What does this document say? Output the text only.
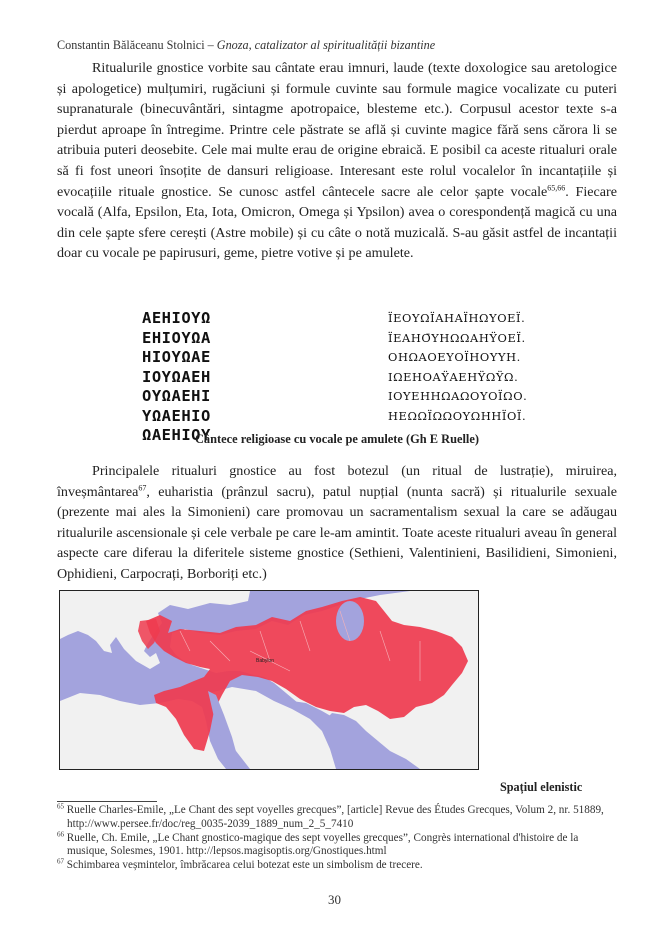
Constantin Bălăceanu Stolnici – Gnoza, catalizator al spiritualității bizantine
Ritualurile gnostice vorbite sau cântate erau imnuri, laude (texte doxologice sau aretologice și apologetice) mulțumiri, rugăciuni și formule cuvinte sau formule magice vocalizate cu puteri supranaturale (binecuvântări, sintagme apotropaice, blesteme etc.). Corpusul acestor texte s-a pierdut aproape în întregime. Printre cele păstrate se află și cuvinte magice fără sens cărora li se atribuia puteri deosebite. Cele mai multe erau de origine ebraică. E posibil ca aceste ritualuri orale să fi fost uneori însoțite de dansuri religioase. Interesant este rolul vocalelor în incantațiile și evocațiile rituale gnostice. Se cunosc astfel cântecele sacre ale celor șapte vocale$^{65,66}$. Fiecare vocală (Alfa, Epsilon, Eta, Iota, Omicron, Omega și Ypsilon) avea o corespondență magică cu una din cele șapte sfere cerești (Astre mobile) și cu câte o notă muzicală. S-au găsit astfel de incantații doar cu vocale pe papirusuri, geme, pietre votive și pe amulete.
ΑΕΗΙΟΥΩ
ΕΗΙΟΥΩΑ
ΗΙΟΥΩΑΕ
ΙΟΥΩΑΕΗ
ΟΥΩΑΕΗΙ
ΥΩΑΕΗΙΟ
ΩΑΕΗΙΟΥ
ΪΕΟΥΩΪΑΗΑΪΗΩΥΟΕΪ.
ΪΕΑΗΟ̄ΥΗΩΩΑΗΫΟΕΪ.
ΟΗΩΑΟΕΥΟΪΗΟΥΥΗ.
ΙΩΕΗΟΑΫΑΕΗΫΩΫΩ.
ΙΟΥΕΗΗΩΑΩΟΥΟΪΩΟ.
ΗΕΩΩΪΩΩΟΥΩΗΗΪΟΪ.
Cântece religioase cu vocale pe amulete (Gh E Ruelle)
Principalele ritualuri gnostice au fost botezul (un ritual de lustrație), miruirea, înveșmântarea$^{67}$, euharistia (prânzul sacru), patul nupțial (nunta sacră) și ritualurile sexuale (prezente mai ales la Simonieni) care promovau un sacramentalism sexual la care se adăugau ritualurile ascensionale și cele verbale pe care le-am amintit. Toate aceste ritualuri aveau în general aspecte care diferau la diferitele sisteme gnostice (Sethieni, Valentinieni, Basilidieni, Simonieni, Ophidieni, Carpocrați, Borboriți etc.)
Babylon
Spațiul elenistic
$^{65}$ Ruelle Charles-Emile, „Le Chant des sept voyelles grecques”, [article] Revue des Études Grecques, Volum 2, nr. 51889, http://www.persee.fr/doc/reg_0035-2039_1889_num_2_5_7410
$^{66}$ Ruelle, Ch. Emile, „Le Chant gnostico-magique des sept voyelles grecques”, Congrès international d'histoire de la musique, Solesmes, 1901. http://lepsos.magisoptis.org/Gnostiques.html
$^{67}$ Schimbarea veșmintelor, îmbrăcarea celui botezat este un simbolism de trecere.
30
